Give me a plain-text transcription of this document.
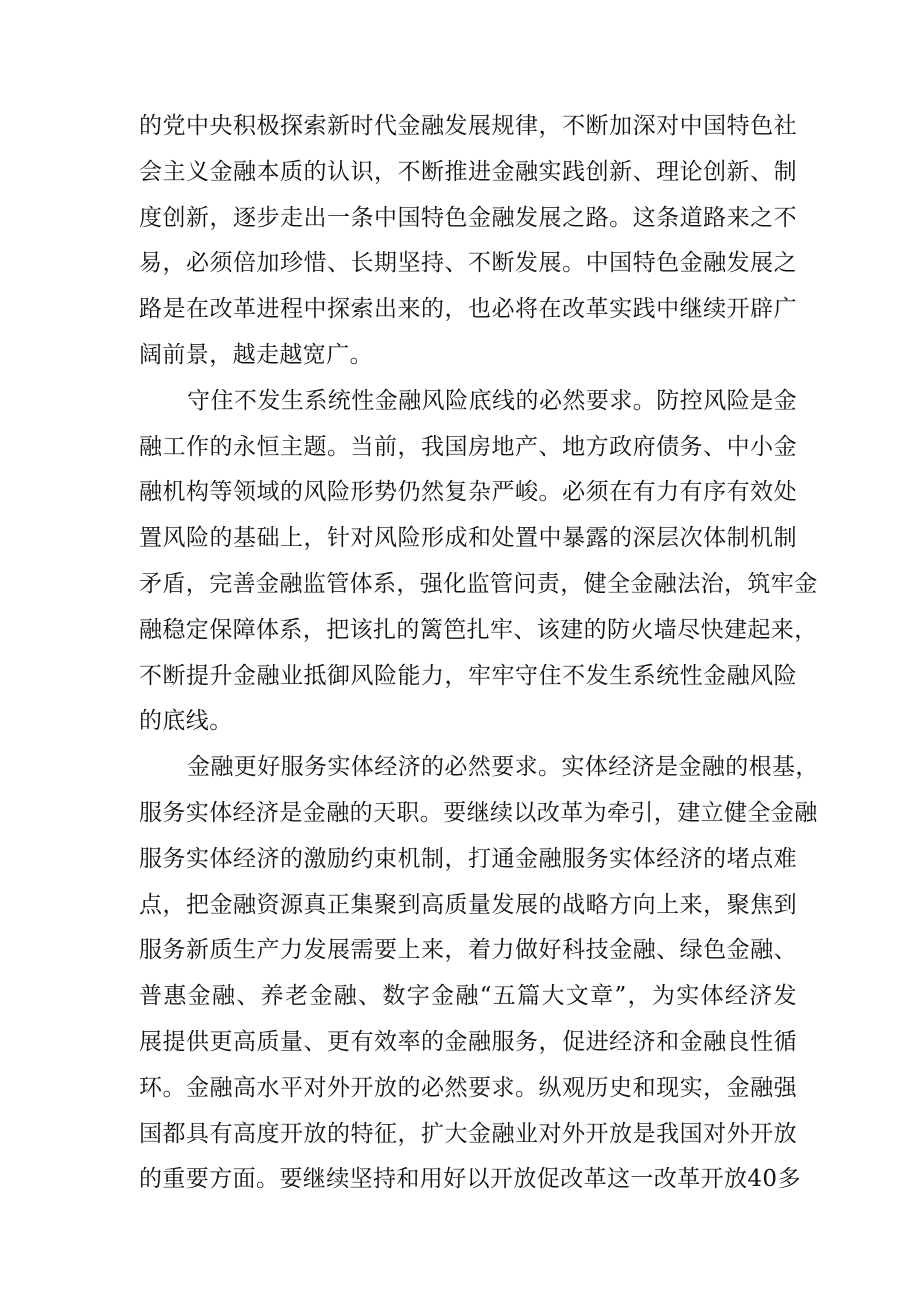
的党中央积极探索新时代金融发展规律，不断加深对中国特色社
会主义金融本质的认识，不断推进金融实践创新、理论创新、制
度创新，逐步走出一条中国特色金融发展之路。这条道路来之不
易，必须倍加珍惜、长期坚持、不断发展。中国特色金融发展之
路是在改革进程中探索出来的，也必将在改革实践中继续开辟广
阔前景，越走越宽广。
守住不发生系统性金融风险底线的必然要求。防控风险是金
融工作的永恒主题。当前，我国房地产、地方政府债务、中小金
融机构等领域的风险形势仍然复杂严峻。必须在有力有序有效处
置风险的基础上，针对风险形成和处置中暴露的深层次体制机制
矛盾，完善金融监管体系，强化监管问责，健全金融法治，筑牢金
融稳定保障体系，把该扎的篱笆扎牢、该建的防火墙尽快建起来，
不断提升金融业抵御风险能力，牢牢守住不发生系统性金融风险
的底线。
金融更好服务实体经济的必然要求。实体经济是金融的根基，
服务实体经济是金融的天职。要继续以改革为牵引，建立健全金融
服务实体经济的激励约束机制，打通金融服务实体经济的堵点难
点，把金融资源真正集聚到高质量发展的战略方向上来，聚焦到
服务新质生产力发展需要上来，着力做好科技金融、绿色金融、
普惠金融、养老金融、数字金融“五篇大文章”，为实体经济发
展提供更高质量、更有效率的金融服务，促进经济和金融良性循
环。金融高水平对外开放的必然要求。纵观历史和现实，金融强
国都具有高度开放的特征，扩大金融业对外开放是我国对外开放
的重要方面。要继续坚持和用好以开放促改革这一改革开放40多
